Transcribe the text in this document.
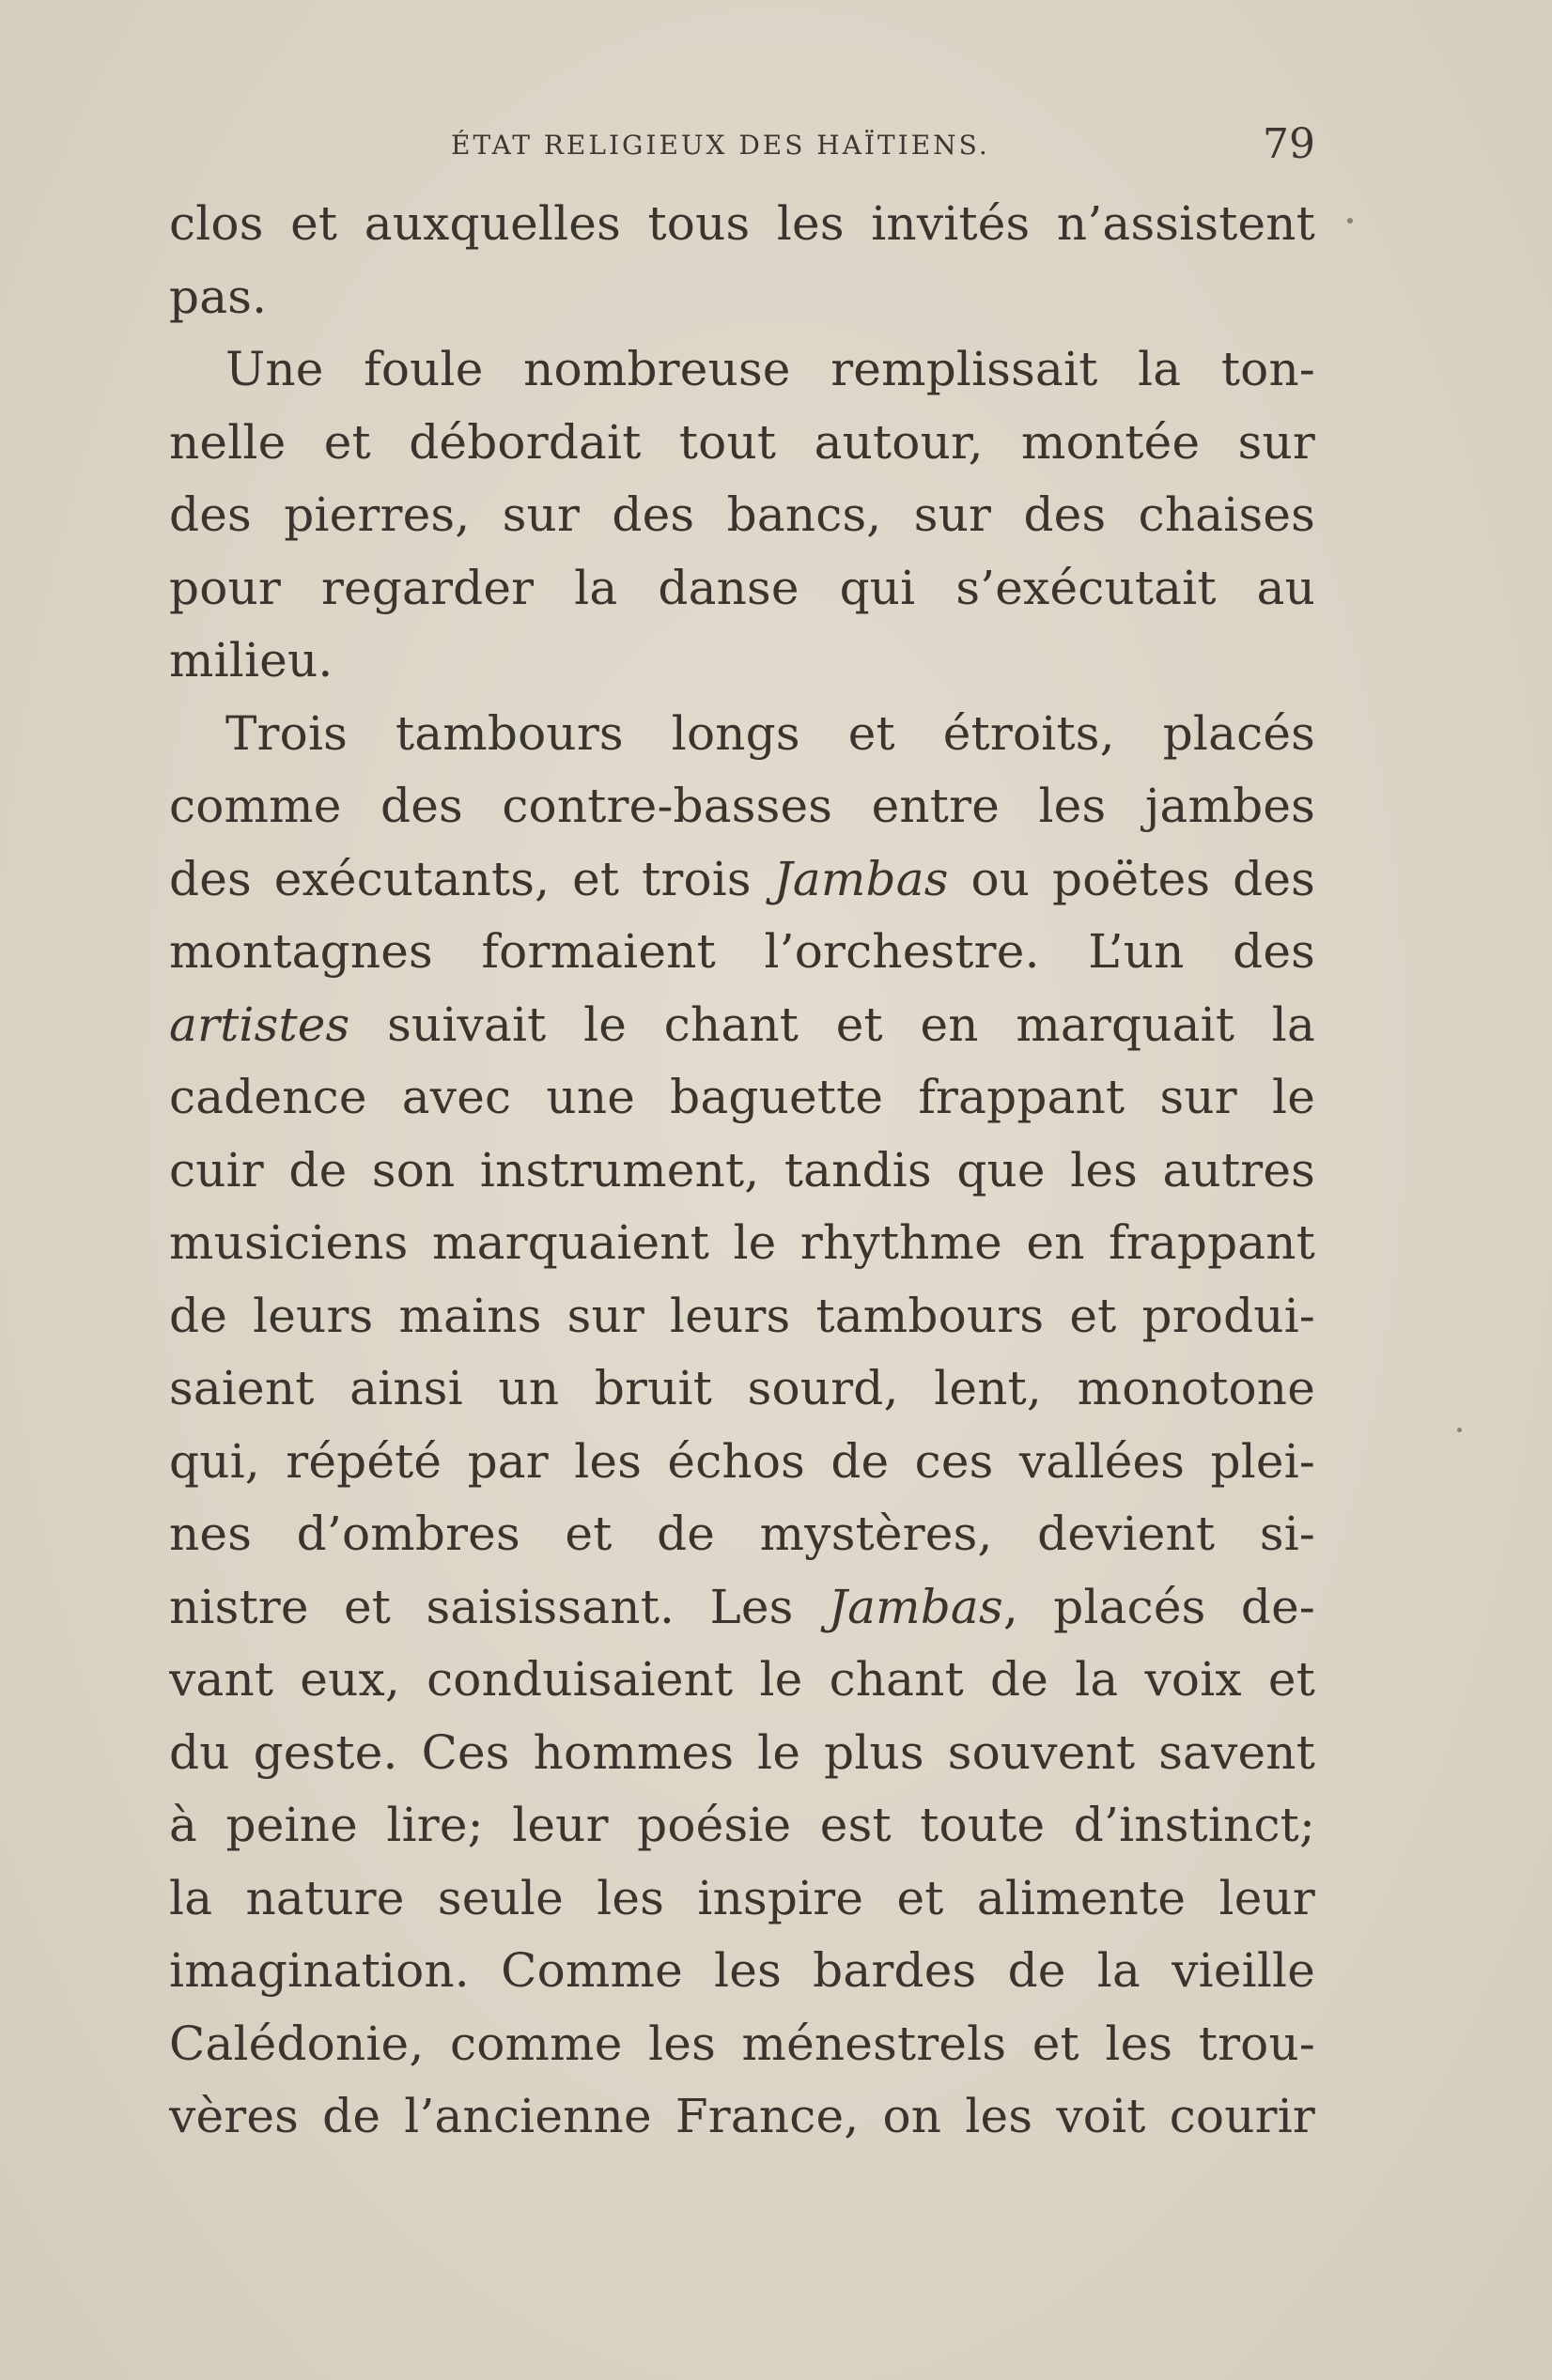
ÉTAT RELIGIEUX DES HAÏTIENS.	79
clos et auxquelles tous les invités n’assistent
pas.
Une foule nombreuse remplissait la ton-
nelle et débordait tout autour, montée sur
des pierres, sur des bancs, sur des chaises
pour regarder la danse qui s’exécutait au
milieu.
Trois tambours longs et étroits, placés
comme des contre-basses entre les jambes
des exécutants, et trois Jambas ou poëtes des
montagnes formaient l’orchestre. L’un des
artistes suivait le chant et en marquait la
cadence avec une baguette frappant sur le
cuir de son instrument, tandis que les autres
musiciens marquaient le rhythme en frappant
de leurs mains sur leurs tambours et produi-
saient ainsi un bruit sourd, lent, monotone
qui, répété par les échos de ces vallées plei-
nes d’ombres et de mystères, devient si-
nistre et saisissant. Les Jambas, placés de-
vant eux, conduisaient le chant de la voix et
du geste. Ces hommes le plus souvent savent
à peine lire; leur poésie est toute d’instinct;
la nature seule les inspire et alimente leur
imagination. Comme les bardes de la vieille
Calédonie, comme les ménestrels et les trou-
vères de l’ancienne France, on les voit courir
